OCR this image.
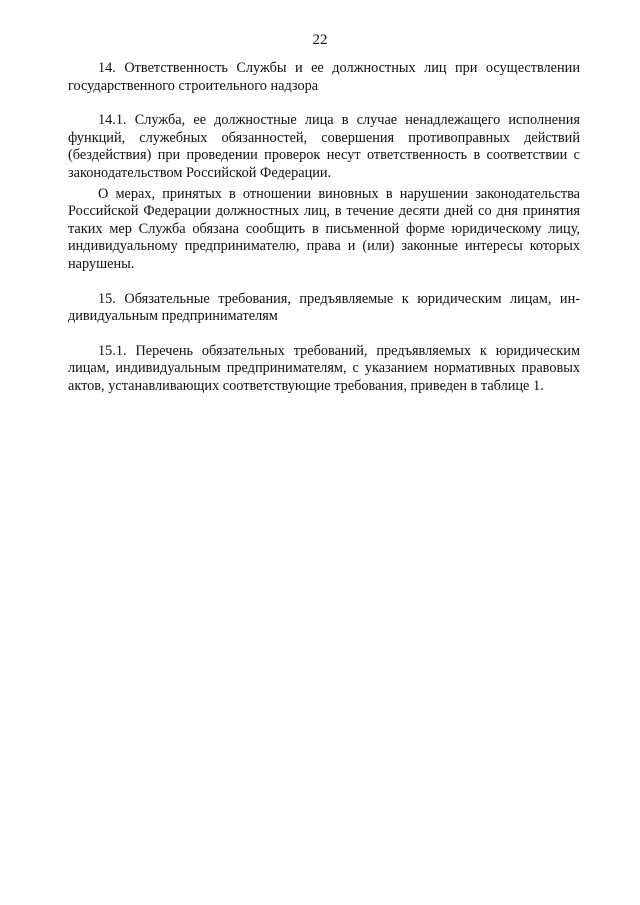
22

14. Ответственность Службы и ее должностных лиц при осуществлении государственного строительного надзора

14.1. Служба, ее должностные лица в случае ненадлежащего исполнения функций, служебных обязанностей, совершения противоправных действий (бездействия) при проведении проверок несут ответственность в соответствии с законодательством Российской Федерации.

О мерах, принятых в отношении виновных в нарушении законодательства Российской Федерации должностных лиц, в течение десяти дней со дня принятия таких мер Служба обязана сообщить в письменной форме юридическому лицу, индивидуальному предпринимателю, права и (или) законные интересы которых нарушены.

15. Обязательные требования, предъявляемые к юридическим лицам, индивидуальным предпринимателям

15.1. Перечень обязательных требований, предъявляемых к юридическим лицам, индивидуальным предпринимателям, с указанием нормативных правовых актов, устанавливающих соответствующие требования, приведен в таблице 1.
